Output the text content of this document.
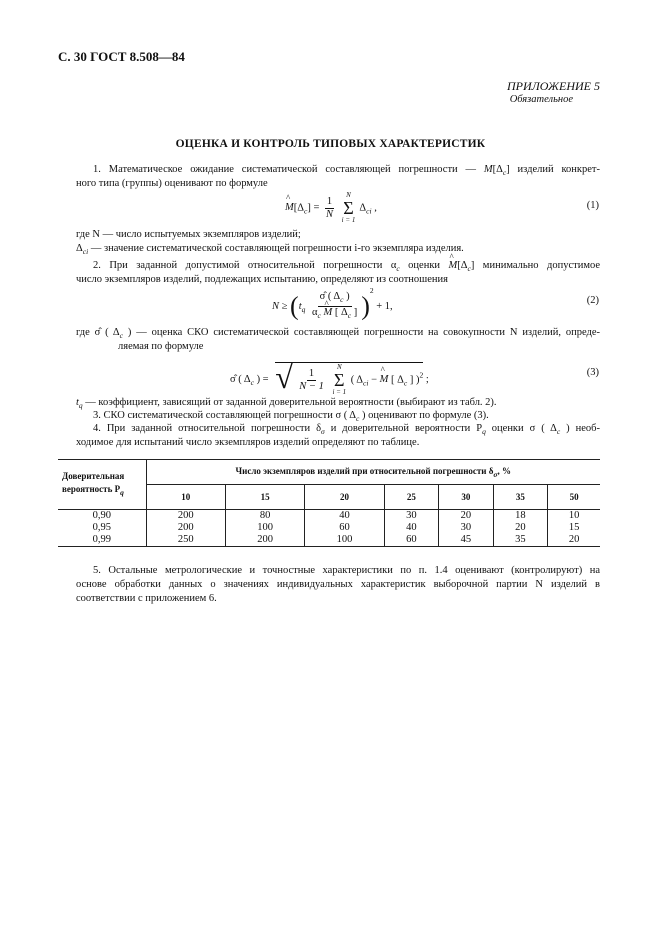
С. 30 ГОСТ 8.508—84
ПРИЛОЖЕНИЕ 5
Обязательное
ОЦЕНКА И КОНТРОЛЬ ТИПОВЫХ ХАРАКТЕРИСТИК
1. Математическое ожидание систематической составляющей погрешности — $M[\Delta_c]$ изделий конкрет-
ного типа (группы) оценивают по формуле
^ $M[\Delta_c] = \frac{1}{N}$

N
Σ
i = 1
$\Delta_{ci}$ ,	(1)
где N — число испытуемых экземпляров изделий;
$\Delta_{ci}$ — значение систематической составляющей погрешности i-го экземпляра изделия.
2. При заданной допустимой относительной погрешности $\alpha_c$ оценки ^ $M[\Delta_c]$ минимально допустимое
число экземпляров изделий, подлежащих испытанию, определяют из соотношения
$N \ge (t_q \frac{\sigmâ ( \Delta_c )}{\alpha_c \^{} M [ \Delta_c ]} )^2 + 1$,
(2)
где σ̂ ( $\Delta_c$ ) — оценка СКО систематической составляющей погрешности на совокупности N изделий, опреде-
ляемая по формуле
σ̂ ( $\Delta_c$ ) = √ $\frac{1}{N - 1}$

N
Σ
i = 1
( $\Delta_{ci}$ − ^ M [ $\Delta_c$ ] )$^2$ ;
(3)
$t_q$ — коэффициент, зависящий от заданной доверительной вероятности (выбирают из табл. 2).
3. СКО систематической составляющей погрешности σ ( $\Delta_c$ ) оценивают по формуле (3).
4. При заданной относительной погрешности $\delta_\sigma$ и доверительной вероятности $P_q$ оценки σ ( $\Delta_c$ ) необ-
ходимое для испытаний число экземпляров изделий определяют по таблице.
Доверительная
вероятность $P_q$	Число экземпляров изделий при относительной погрешности $\delta_\sigma$, %						
	10	15	20	25	30	35	50
0,90	200	80	40	30	20	18	10
0,95	200	100	60	40	30	20	15
0,99	250	200	100	60	45	35	20
5. Остальные метрологические и точностные характеристики по п. 1.4 оценивают (контролируют) на
основе обработки данных о значениях индивидуальных характеристик выборочной партии N изделий в
соответствии с приложением 6.
